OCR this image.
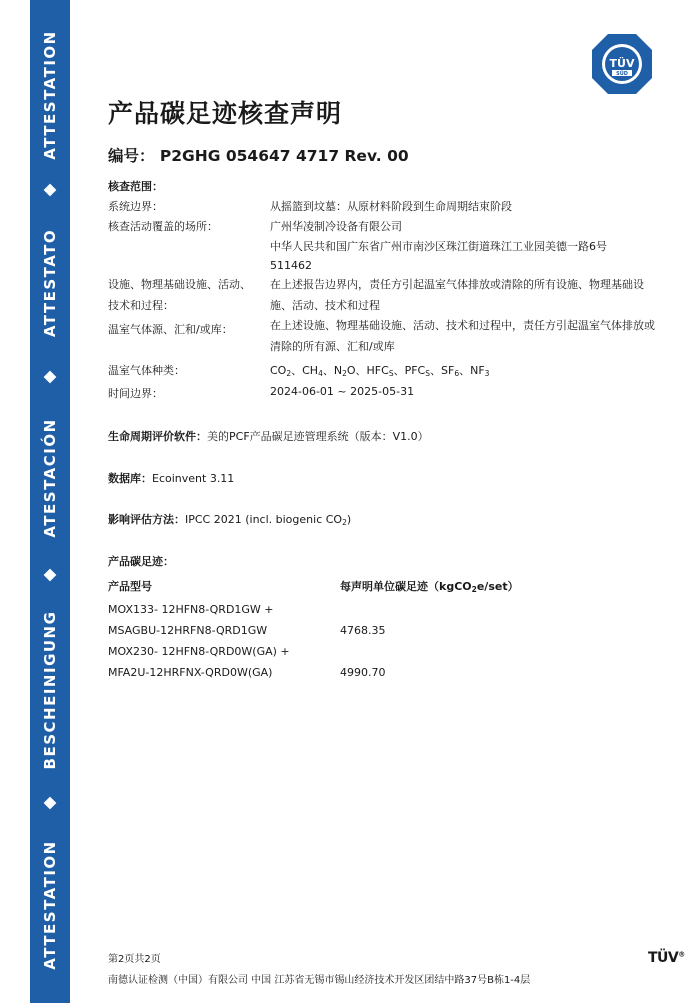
ATTESTATION
ATTESTATO
ATESTACIÓN
BESCHEINIGUNG
ATTESTATION
TÜV
SÜD
产品碳足迹核查声明
编号： P2GHG 054647 4717 Rev. 00
核查范围：
系统边界：	从摇篮到坟墓：从原材料阶段到生命周期结束阶段
核查活动覆盖的场所：	广州华凌制冷设备有限公司
中华人民共和国广东省广州市南沙区珠江街道珠江工业园美德一路6号
511462
设施、物理基础设施、活动、技术和过程：
在上述报告边界内，责任方引起温室气体排放或清除的所有设施、物理基础设施、活动、技术和过程
温室气体源、汇和/或库：	在上述设施、物理基础设施、活动、技术和过程中，责任方引起温室气体排放或清除的所有源、汇和/或库
温室气体种类：	$CO_2$、$CH_4$、$N_2O$、$HFC_S$、$PFC_S$、$SF_6$、$NF_3$
时间边界：	2024-06-01 ~ 2025-05-31
生命周期评价软件：美的PCF产品碳足迹管理系统（版本：V1.0）
数据库：Ecoinvent 3.11
影响评估方法：IPCC 2021 (incl. biogenic $CO_2$)
产品碳足迹：
产品型号	每声明单位碳足迹（kgCO$_2$e/set）
MOX133- 12HFN8-QRD1GW +
MSAGBU-12HRFN8-QRD1GW	4768.35
MOX230- 12HFN8-QRD0W(GA) +
MFA2U-12HRFNX-QRD0W(GA)	4990.70
第2页共2页
南德认证检测（中国）有限公司 中国 江苏省无锡市锡山经济技术开发区团结中路37号B栋1-4层
TÜV®
